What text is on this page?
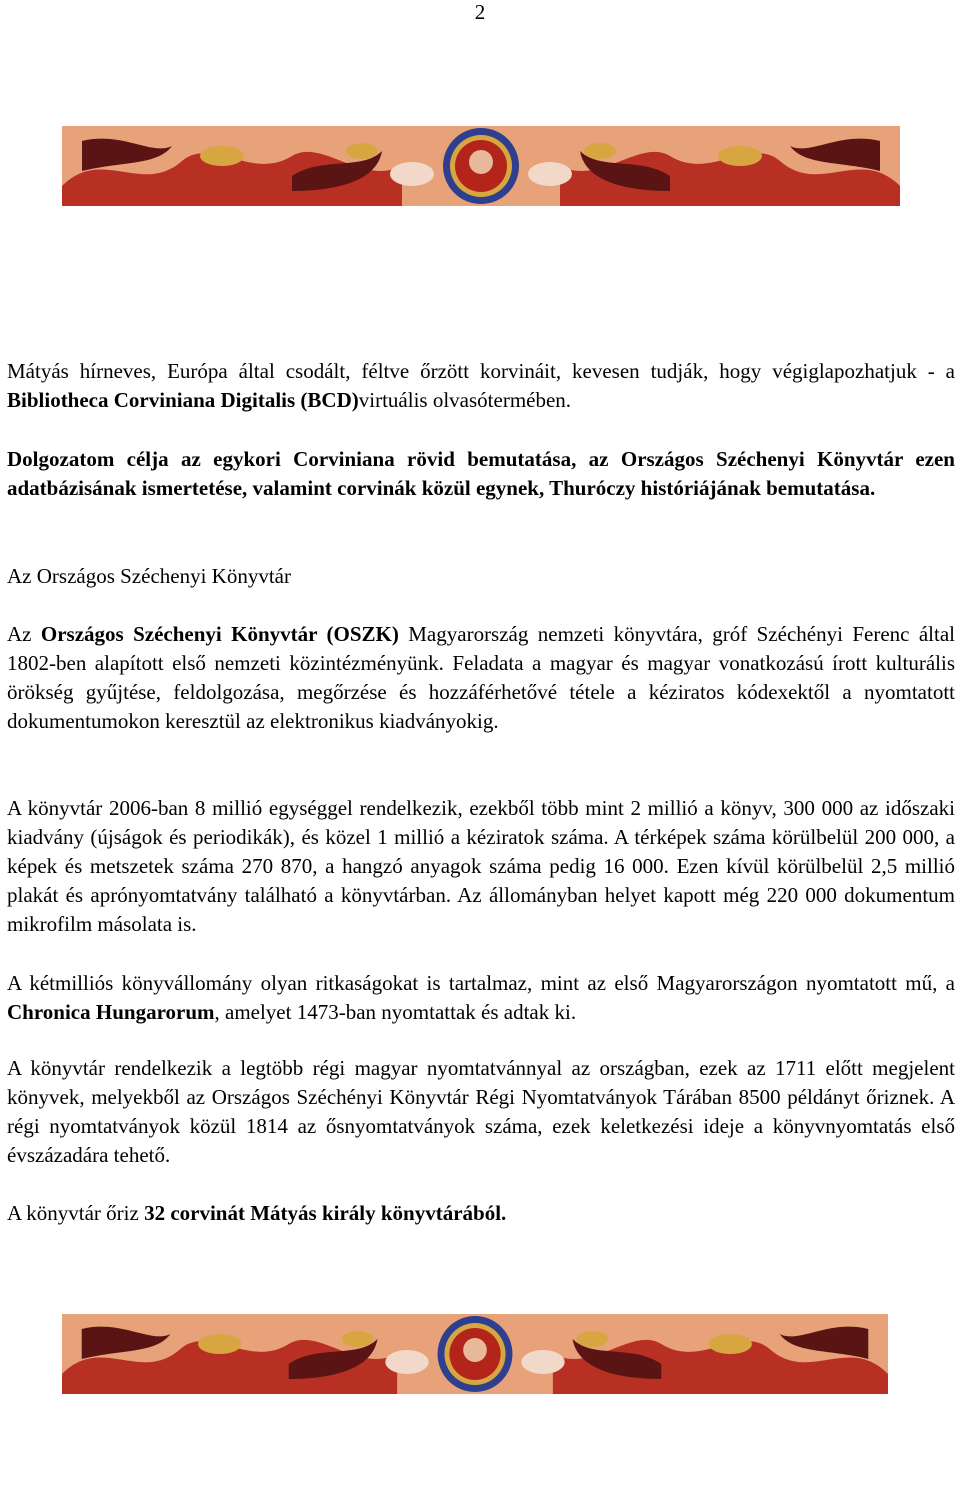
2

Mátyás hírneves, Európa által csodált, féltve őrzött korvináit, kevesen tudják, hogy végiglapozhatjuk - a Bibliotheca Corviniana Digitalis (BCD)virtuális olvasótermében.

Dolgozatom célja az egykori Corviniana rövid bemutatása, az Országos Széchenyi Könyvtár ezen adatbázisának ismertetése, valamint corvinák közül egynek, Thuróczy históriájának bemutatása.

Az Országos Széchenyi Könyvtár

Az Országos Széchenyi Könyvtár (OSZK) Magyarország nemzeti könyvtára, gróf Széchényi Ferenc által 1802-ben alapított első nemzeti közintézményünk. Feladata a magyar és magyar vonatkozású írott kulturális örökség gyűjtése, feldolgozása, megőrzése és hozzáférhetővé tétele a kéziratos kódexektől a nyomtatott dokumentumokon keresztül az elektronikus kiadványokig.

A könyvtár 2006-ban 8 millió egységgel rendelkezik, ezekből több mint 2 millió a könyv, 300 000 az időszaki kiadvány (újságok és periodikák), és közel 1 millió a kéziratok száma. A térképek száma körülbelül 200 000, a képek és metszetek száma 270 870, a hangzó anyagok száma pedig 16 000. Ezen kívül körülbelül 2,5 millió plakát és aprónyomtatvány található a könyvtárban. Az állományban helyet kapott még 220 000 dokumentum mikrofilm másolata is.

A kétmilliós könyvállomány olyan ritkaságokat is tartalmaz, mint az első Magyarországon nyomtatott mű, a Chronica Hungarorum, amelyet 1473-ban nyomtattak és adtak ki.

A könyvtár rendelkezik a legtöbb régi magyar nyomtatvánnyal az országban, ezek az 1711 előtt megjelent könyvek, melyekből az Országos Széchényi Könyvtár Régi Nyomtatványok Tárában 8500 példányt őriznek. A régi nyomtatványok közül 1814 az ősnyomtatványok száma, ezek keletkezési ideje a könyvnyomtatás első évszázadára tehető.

A könyvtár őriz 32 corvinát Mátyás király könyvtárából.
